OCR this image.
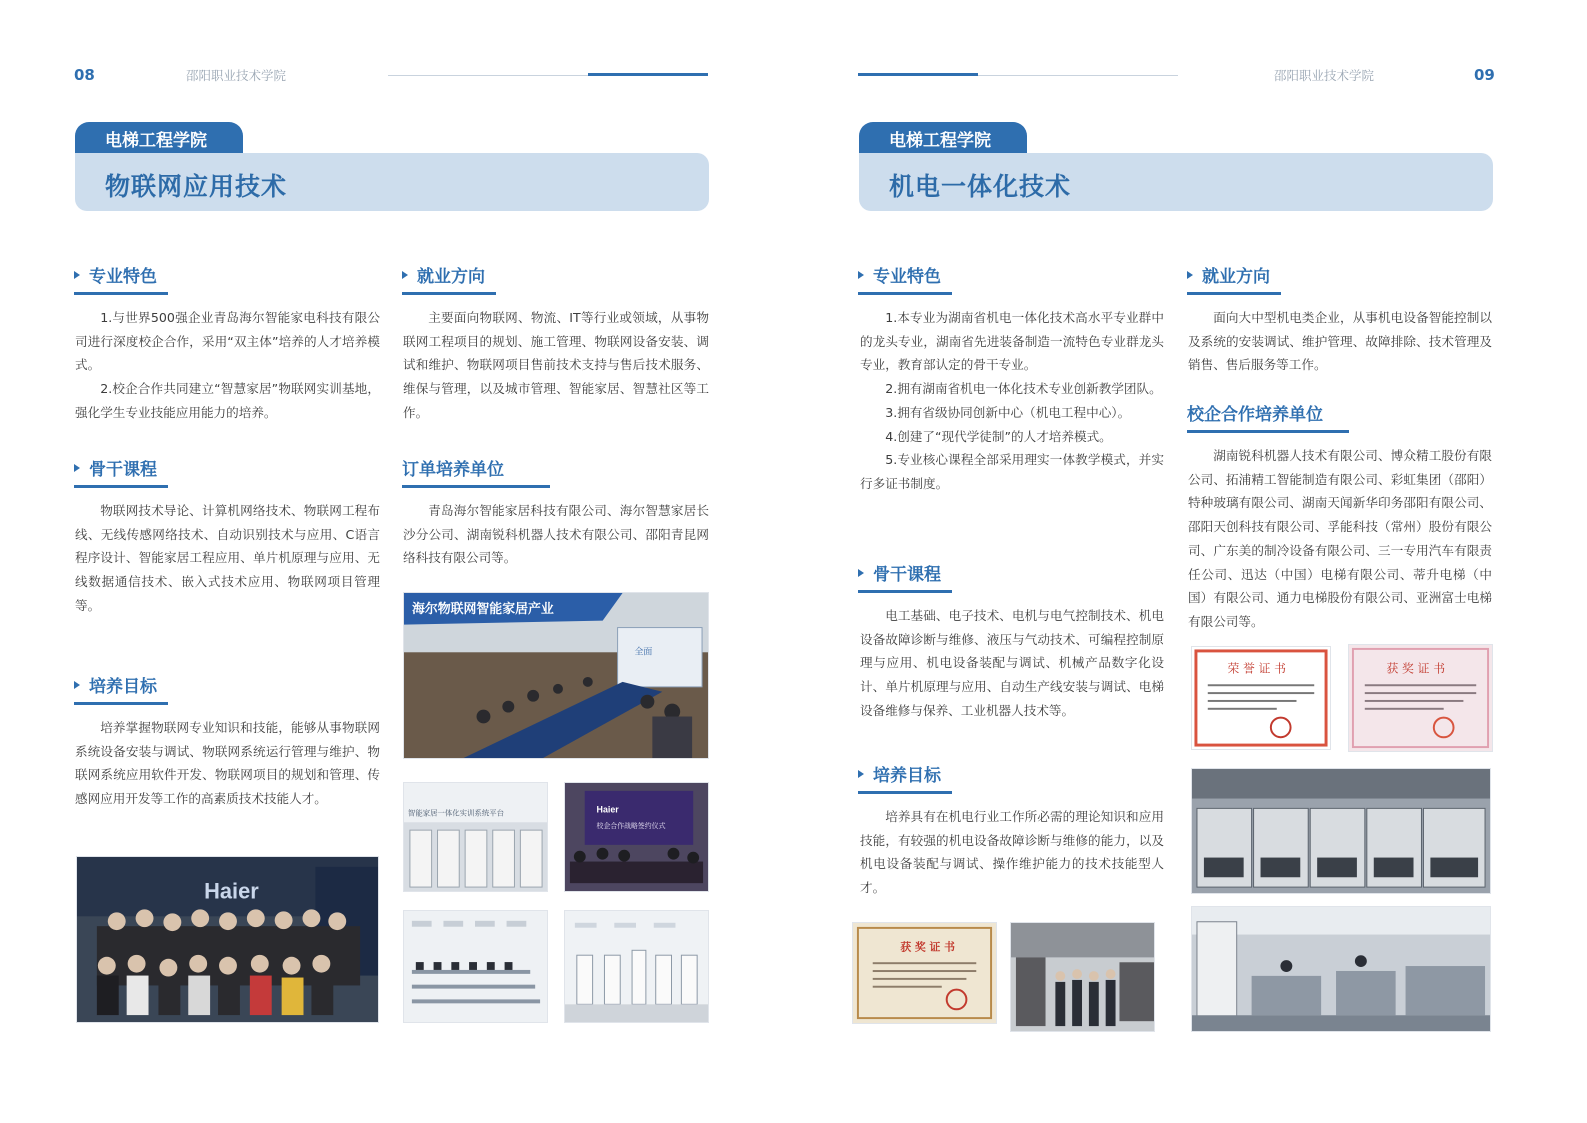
08	邵阳职业技术学院
电梯工程学院
物联网应用技术
专业特色

1.与世界500强企业青岛海尔智能家电科技有限公司进行深度校企合作，采用“双主体”培养的人才培养模式。

2.校企合作共同建立“智慧家居”物联网实训基地，强化学生专业技能应用能力的培养。

骨干课程

物联网技术导论、计算机网络技术、物联网工程布线、无线传感网络技术、自动识别技术与应用、C语言程序设计、智能家居工程应用、单片机原理与应用、无线数据通信技术、嵌入式技术应用、物联网项目管理等。

培养目标

培养掌握物联网专业知识和技能，能够从事物联网系统设备安装与调试、物联网系统运行管理与维护、物联网系统应用软件开发、物联网项目的规划和管理、传感网应用开发等工作的高素质技术技能人才。

Haier
就业方向

主要面向物联网、物流、IT等行业或领域，从事物联网工程项目的规划、施工管理、物联网设备安装、调试和维护、物联网项目售前技术支持与售后技术服务、维保与管理，以及城市管理、智能家居、智慧社区等工作。

订单培养单位

青岛海尔智能家居科技有限公司、海尔智慧家居长沙分公司、湖南锐科机器人技术有限公司、邵阳青昆网络科技有限公司等。

海尔物联网智能家居产业
全面
智能家居一体化实训系统平台	Haier
校企合作战略签约仪式
邵阳职业技术学院	09
电梯工程学院
机电一体化技术
专业特色

1.本专业为湖南省机电一体化技术高水平专业群中的龙头专业，湖南省先进装备制造一流特色专业群龙头专业，教育部认定的骨干专业。

2.拥有湖南省机电一体化技术专业创新教学团队。

3.拥有省级协同创新中心（机电工程中心）。

4.创建了“现代学徒制”的人才培养模式。

5.专业核心课程全部采用理实一体教学模式，并实行多证书制度。

骨干课程

电工基础、电子技术、电机与电气控制技术、机电设备故障诊断与维修、液压与气动技术、可编程控制原理与应用、机电设备装配与调试、机械产品数字化设计、单片机原理与应用、自动生产线安装与调试、电梯设备维修与保养、工业机器人技术等。

培养目标

培养具有在机电行业工作所必需的理论知识和应用技能，有较强的机电设备故障诊断与维修的能力，以及机电设备装配与调试、操作维护能力的技术技能型人才。

获 奖 证 书
就业方向

面向大中型机电类企业，从事机电设备智能控制以及系统的安装调试、维护管理、故障排除、技术管理及销售、售后服务等工作。

校企合作培养单位

湖南锐科机器人技术有限公司、博众精工股份有限公司、拓浦精工智能制造有限公司、彩虹集团（邵阳）特种玻璃有限公司、湖南天闻新华印务邵阳有限公司、邵阳天创科技有限公司、孚能科技（常州）股份有限公司、广东美的制冷设备有限公司、三一专用汽车有限责任公司、迅达（中国）电梯有限公司、蒂升电梯（中国）有限公司、通力电梯股份有限公司、亚洲富士电梯有限公司等。

荣 誉 证 书	获 奖 证 书
